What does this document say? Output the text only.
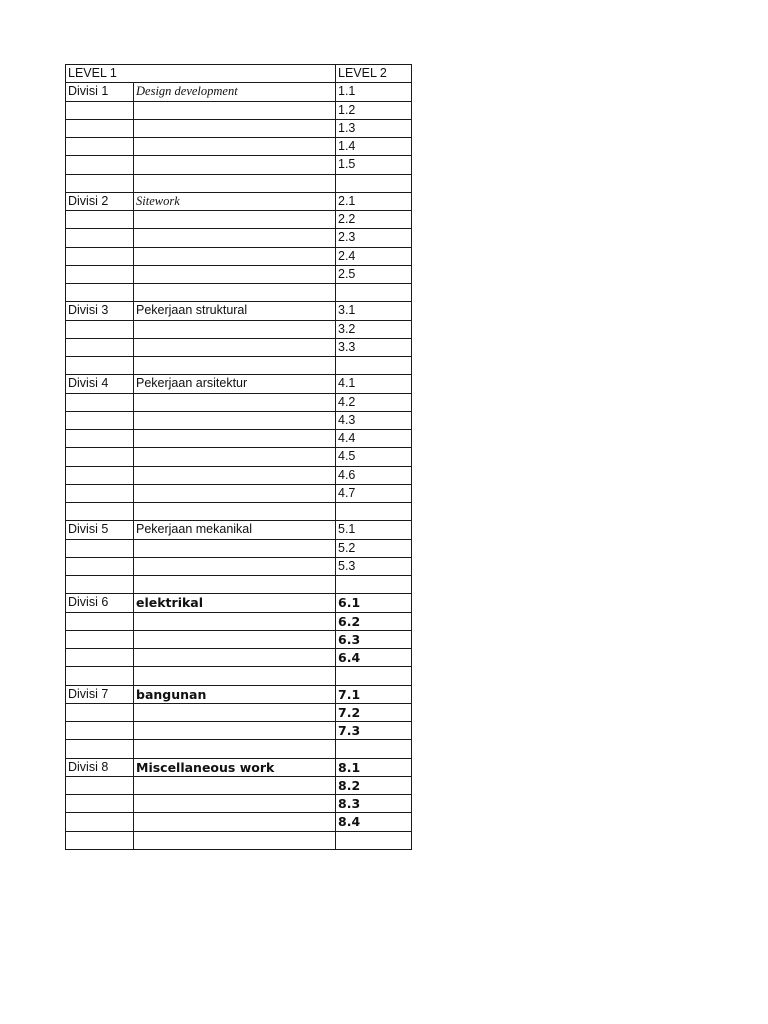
LEVEL 1		LEVEL 2
Divisi 1	Design development	1.1
		1.2
		1.3
		1.4
		1.5

Divisi 2	Sitework	2.1
		2.2
		2.3
		2.4
		2.5

Divisi 3	Pekerjaan struktural	3.1
		3.2
		3.3

Divisi 4	Pekerjaan arsitektur	4.1
		4.2
		4.3
		4.4
		4.5
		4.6
		4.7

Divisi 5	Pekerjaan mekanikal	5.1
		5.2
		5.3

Divisi 6	elektrikal	6.1
		6.2
		6.3
		6.4

Divisi 7	bangunan	7.1
		7.2
		7.3

Divisi 8	Miscellaneous work	8.1
		8.2
		8.3
		8.4
